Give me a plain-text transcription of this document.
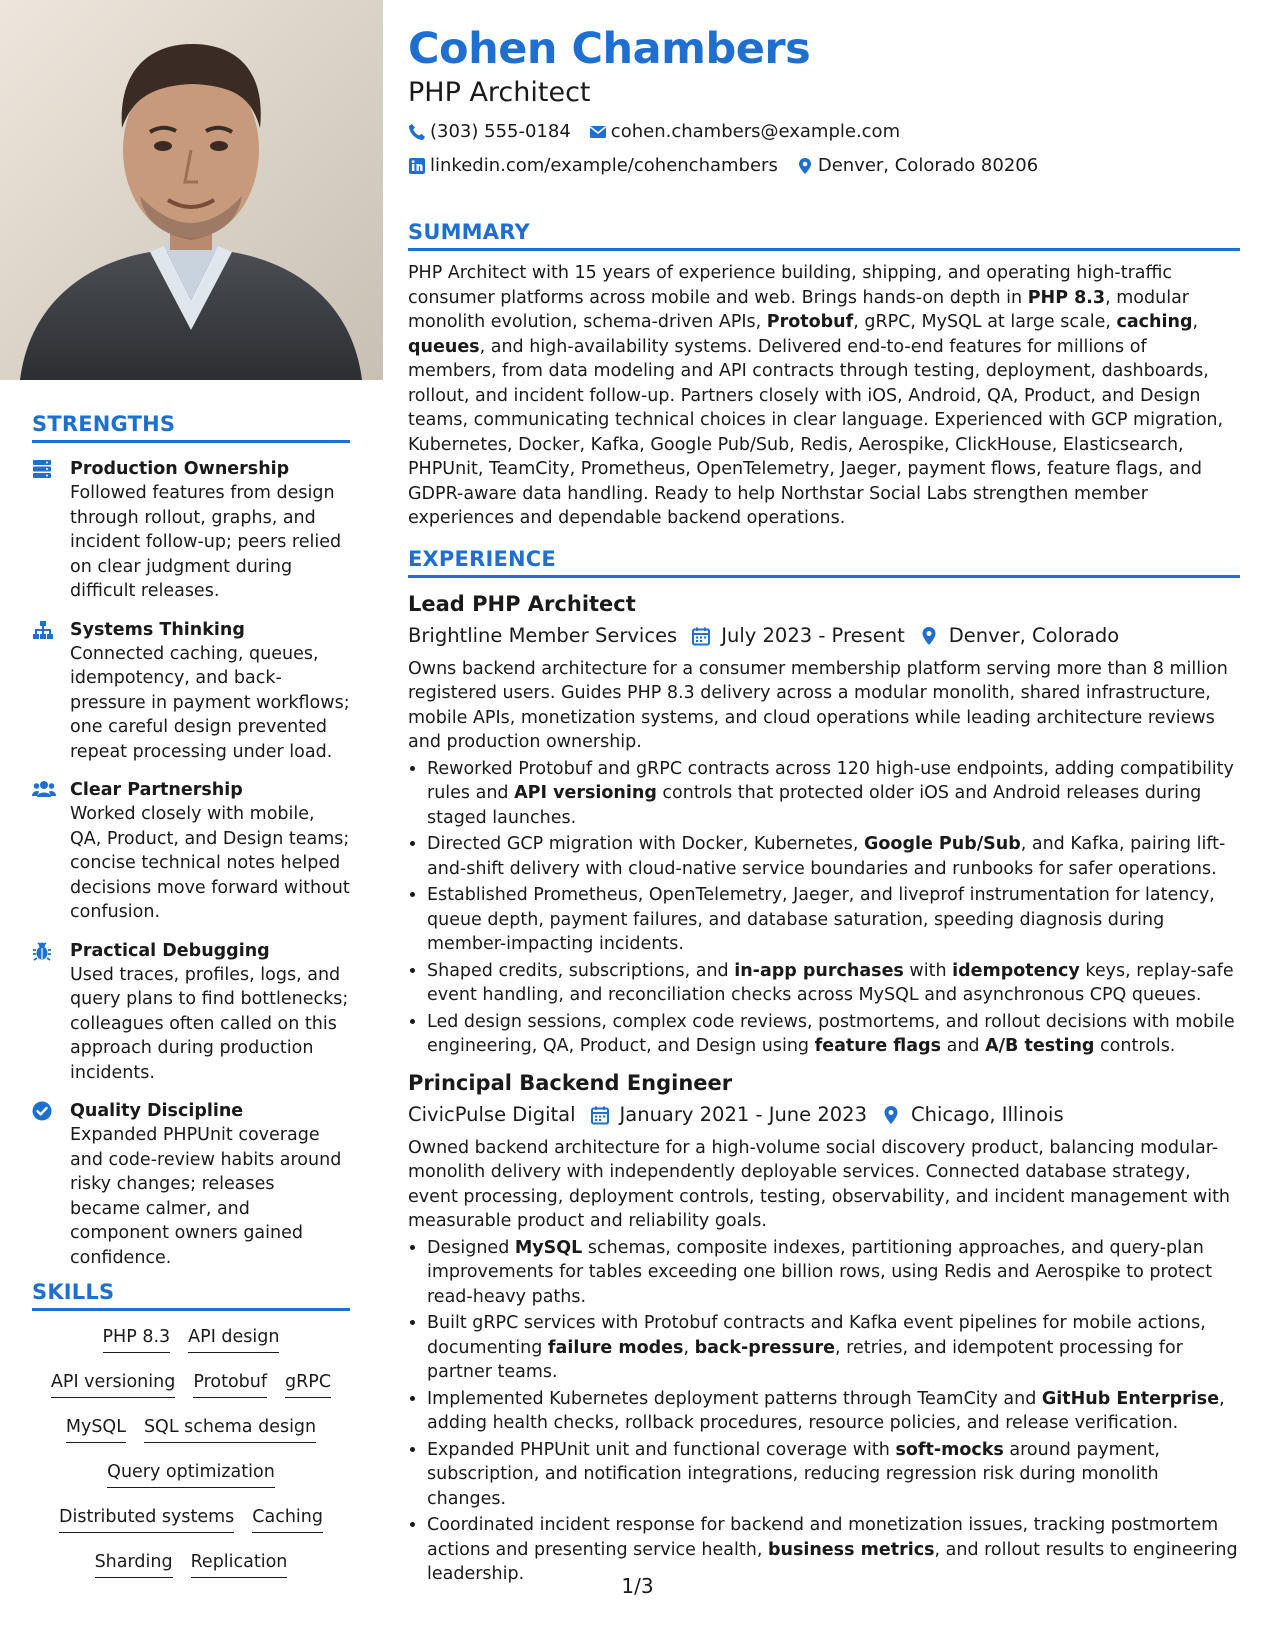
STRENGTHS
Production Ownership
Followed features from design through rollout, graphs, and incident follow-up; peers relied on clear judgment during difficult releases.
Systems Thinking
Connected caching, queues, idempotency, and back-pressure in payment workflows; one careful design prevented repeat processing under load.
Clear Partnership
Worked closely with mobile, QA, Product, and Design teams; concise technical notes helped decisions move forward without confusion.
Practical Debugging
Used traces, profiles, logs, and query plans to find bottlenecks; colleagues often called on this approach during production incidents.
Quality Discipline
Expanded PHPUnit coverage and code-review habits around risky changes; releases became calmer, and component owners gained confidence.
SKILLS
PHP 8.3 API design
API versioning Protobuf gRPC
MySQL SQL schema design
Query optimization
Distributed systems Caching
Sharding Replication
Cohen Chambers
PHP Architect
(303) 555-0184 cohen.chambers@example.com
linkedin.com/example/cohenchambers Denver, Colorado 80206
SUMMARY

PHP Architect with 15 years of experience building, shipping, and operating high-traffic consumer platforms across mobile and web. Brings hands-on depth in PHP 8.3, modular monolith evolution, schema-driven APIs, Protobuf, gRPC, MySQL at large scale, caching, queues, and high-availability systems. Delivered end-to-end features for millions of members, from data modeling and API contracts through testing, deployment, dashboards, rollout, and incident follow-up. Partners closely with iOS, Android, QA, Product, and Design teams, communicating technical choices in clear language. Experienced with GCP migration, Kubernetes, Docker, Kafka, Google Pub/Sub, Redis, Aerospike, ClickHouse, Elasticsearch, PHPUnit, TeamCity, Prometheus, OpenTelemetry, Jaeger, payment flows, feature flags, and GDPR-aware data handling. Ready to help Northstar Social Labs strengthen member experiences and dependable backend operations.

EXPERIENCE
Lead PHP Architect
Brightline Member Services July 2023 - Present Denver, Colorado

Owns backend architecture for a consumer membership platform serving more than 8 million registered users. Guides PHP 8.3 delivery across a modular monolith, shared infrastructure, mobile APIs, monetization systems, and cloud operations while leading architecture reviews and production ownership.

• Reworked Protobuf and gRPC contracts across 120 high-use endpoints, adding compatibility rules and API versioning controls that protected older iOS and Android releases during staged launches.
• Directed GCP migration with Docker, Kubernetes, Google Pub/Sub, and Kafka, pairing lift-and-shift delivery with cloud-native service boundaries and runbooks for safer operations.
• Established Prometheus, OpenTelemetry, Jaeger, and liveprof instrumentation for latency, queue depth, payment failures, and database saturation, speeding diagnosis during member-impacting incidents.
• Shaped credits, subscriptions, and in-app purchases with idempotency keys, replay-safe event handling, and reconciliation checks across MySQL and asynchronous CPQ queues.
• Led design sessions, complex code reviews, postmortems, and rollout decisions with mobile engineering, QA, Product, and Design using feature flags and A/B testing controls.
Principal Backend Engineer
CivicPulse Digital January 2021 - June 2023 Chicago, Illinois

Owned backend architecture for a high-volume social discovery product, balancing modular-monolith delivery with independently deployable services. Connected database strategy, event processing, deployment controls, testing, observability, and incident management with measurable product and reliability goals.

• Designed MySQL schemas, composite indexes, partitioning approaches, and query-plan improvements for tables exceeding one billion rows, using Redis and Aerospike to protect read-heavy paths.
• Built gRPC services with Protobuf contracts and Kafka event pipelines for mobile actions, documenting failure modes, back-pressure, retries, and idempotent processing for partner teams.
• Implemented Kubernetes deployment patterns through TeamCity and GitHub Enterprise, adding health checks, rollback procedures, resource policies, and release verification.
• Expanded PHPUnit unit and functional coverage with soft-mocks around payment, subscription, and notification integrations, reducing regression risk during monolith changes.
• Coordinated incident response for backend and monetization issues, tracking postmortem actions and presenting service health, business metrics, and rollout results to engineering leadership.	1/3
